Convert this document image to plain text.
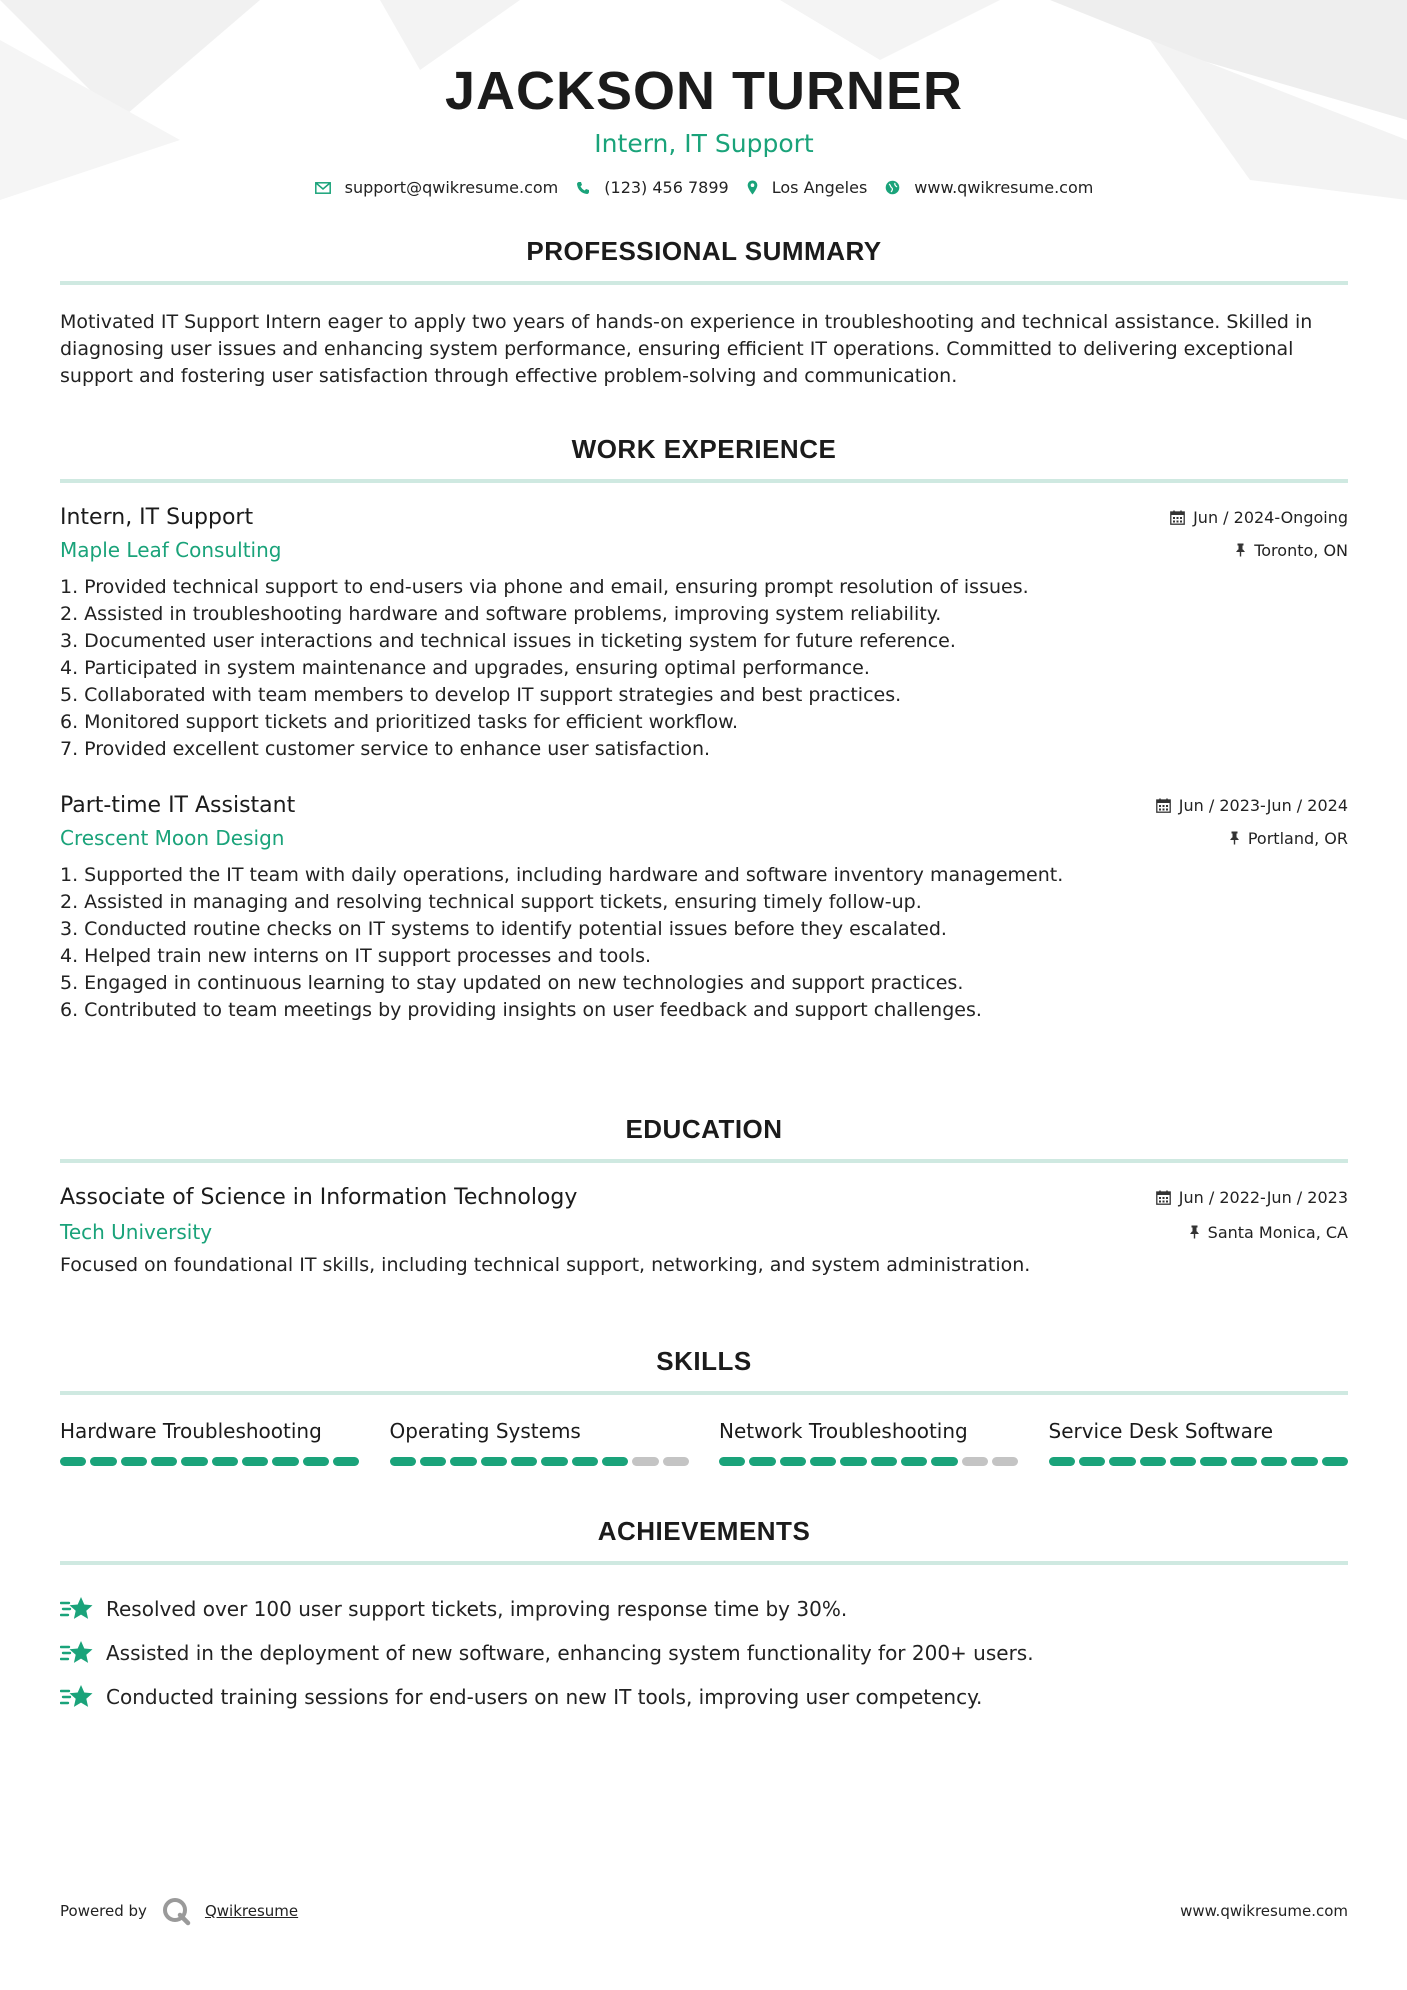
JACKSON TURNER
Intern, IT Support
support@qwikresume.com	(123) 456 7899	Los Angeles	www.qwikresume.com
PROFESSIONAL SUMMARY
Motivated IT Support Intern eager to apply two years of hands-on experience in troubleshooting and technical assistance. Skilled in diagnosing user issues and enhancing system performance, ensuring efficient IT operations. Committed to delivering exceptional support and fostering user satisfaction through effective problem-solving and communication.
WORK EXPERIENCE
Intern, IT Support	Jun / 2024-Ongoing
Maple Leaf Consulting	Toronto, ON
1. Provided technical support to end-users via phone and email, ensuring prompt resolution of issues.
2. Assisted in troubleshooting hardware and software problems, improving system reliability.
3. Documented user interactions and technical issues in ticketing system for future reference.
4. Participated in system maintenance and upgrades, ensuring optimal performance.
5. Collaborated with team members to develop IT support strategies and best practices.
6. Monitored support tickets and prioritized tasks for efficient workflow.
7. Provided excellent customer service to enhance user satisfaction.
Part-time IT Assistant	Jun / 2023-Jun / 2024
Crescent Moon Design	Portland, OR
1. Supported the IT team with daily operations, including hardware and software inventory management.
2. Assisted in managing and resolving technical support tickets, ensuring timely follow-up.
3. Conducted routine checks on IT systems to identify potential issues before they escalated.
4. Helped train new interns on IT support processes and tools.
5. Engaged in continuous learning to stay updated on new technologies and support practices.
6. Contributed to team meetings by providing insights on user feedback and support challenges.
EDUCATION
Associate of Science in Information Technology	Jun / 2022-Jun / 2023
Tech University	Santa Monica, CA
Focused on foundational IT skills, including technical support, networking, and system administration.
SKILLS
Hardware Troubleshooting	Operating Systems	Network Troubleshooting	Service Desk Software
ACHIEVEMENTS
Resolved over 100 user support tickets, improving response time by 30%.
Assisted in the deployment of new software, enhancing system functionality for 200+ users.
Conducted training sessions for end-users on new IT tools, improving user competency.
Powered by	Qwikresume	www.qwikresume.com
